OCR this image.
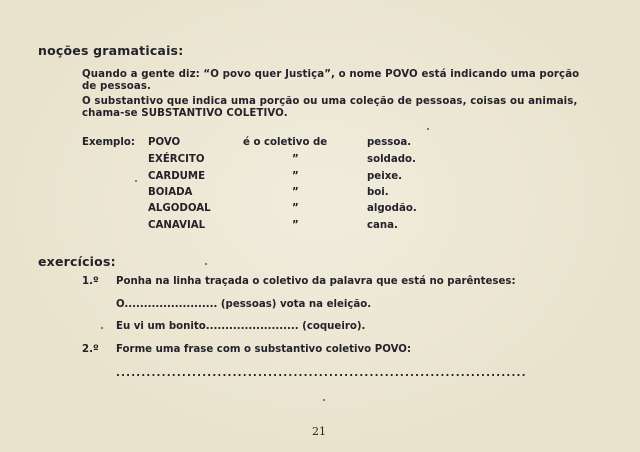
noções gramaticais:
Quando a gente diz: “O povo quer Justiça”, o nome POVO está indicando uma porção
de pessoas.
O substantivo que indica uma porção ou uma coleção de pessoas, coisas ou animais,
chama-se SUBSTANTIVO COLETIVO.
Exemplo: POVO	é o coletivo de	pessoa.
EXÉRCITO	”	soldado.
CARDUME	”	peixe.
BOIADA	”	boi.
ALGODOAL	”	algodão.
CANAVIAL	”	cana.
exercícios:
1.º Ponha na linha traçada o coletivo da palavra que está no parênteses:
O........................ (pessoas) vota na eleição.
Eu vi um bonito........................ (coqueiro).
2.º Forme uma frase com o substantivo coletivo POVO:
.................................................................................
21
